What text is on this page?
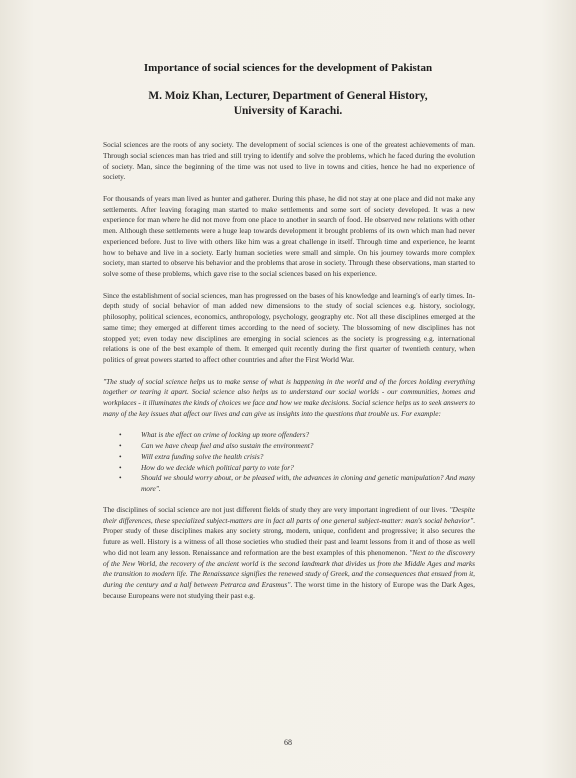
Importance of social sciences for the development of Pakistan
M. Moiz Khan, Lecturer, Department of General History,
University of Karachi.

Social sciences are the roots of any society. The development of social sciences is one of the greatest achievements of man. Through social sciences man has tried and still trying to identify and solve the problems, which he faced during the evolution of society. Man, since the beginning of the time was not used to live in towns and cities, hence he had no experience of society.

For thousands of years man lived as hunter and gatherer. During this phase, he did not stay at one place and did not make any settlements. After leaving foraging man started to make settlements and some sort of society developed. It was a new experience for man where he did not move from one place to another in search of food. He observed new relations with other men. Although these settlements were a huge leap towards development it brought problems of its own which man had never experienced before. Just to live with others like him was a great challenge in itself. Through time and experience, he learnt how to behave and live in a society. Early human societies were small and simple. On his journey towards more complex society, man started to observe his behavior and the problems that arose in society. Through these observations, man started to solve some of these problems, which gave rise to the social sciences based on his experience.

Since the establishment of social sciences, man has progressed on the bases of his knowledge and learning's of early times. In-depth study of social behavior of man added new dimensions to the study of social sciences e.g. history, sociology, philosophy, political sciences, economics, anthropology, psychology, geography etc. Not all these disciplines emerged at the same time; they emerged at different times according to the need of society. The blossoming of new disciplines has not stopped yet; even today new disciplines are emerging in social sciences as the society is progressing e.g. international relations is one of the best example of them. It emerged quit recently during the first quarter of twentieth century, when politics of great powers started to affect other countries and after the First World War.

"The study of social science helps us to make sense of what is happening in the world and of the forces holding everything together or tearing it apart. Social science also helps us to understand our social worlds - our communities, homes and workplaces - it illuminates the kinds of choices we face and how we make decisions. Social science helps us to seek answers to many of the key issues that affect our lives and can give us insights into the questions that trouble us. For example:

•	What is the effect on crime of locking up more offenders?
•	Can we have cheap fuel and also sustain the environment?
•	Will extra funding solve the health crisis?
•	How do we decide which political party to vote for?
•	Should we should worry about, or be pleased with, the advances in cloning and genetic manipulation? And many more".

The disciplines of social science are not just different fields of study they are very important ingredient of our lives. "Despite their differences, these specialized subject-matters are in fact all parts of one general subject-matter: man's social behavior". Proper study of these disciplines makes any society strong, modern, unique, confident and progressive; it also secures the future as well. History is a witness of all those societies who studied their past and learnt lessons from it and of those as well who did not learn any lesson. Renaissance and reformation are the best examples of this phenomenon. "Next to the discovery of the New World, the recovery of the ancient world is the second landmark that divides us from the Middle Ages and marks the transition to modern life. The Renaissance signifies the renewed study of Greek, and the consequences that ensued from it, during the century and a half between Petrarca and Erasmus". The worst time in the history of Europe was the Dark Ages, because Europeans were not studying their past e.g.

68
